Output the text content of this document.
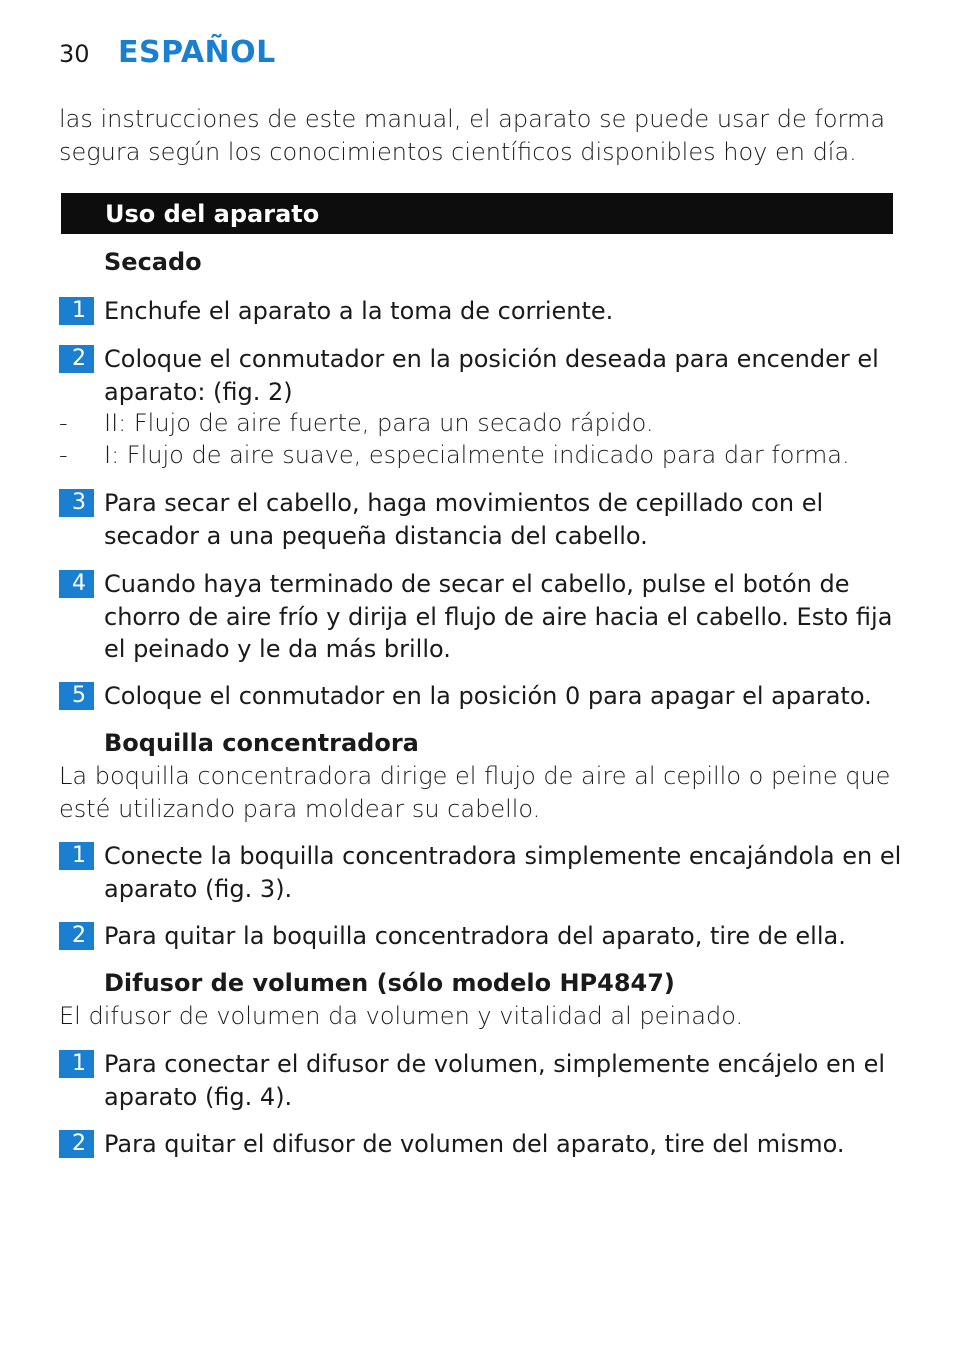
30 ESPAÑOL
las instrucciones de este manual, el aparato se puede usar de forma segura según los conocimientos científicos disponibles hoy en día.
Uso del aparato
Secado
1 Enchufe el aparato a la toma de corriente.
2 Coloque el conmutador en la posición deseada para encender el aparato: (fig. 2)
- II: Flujo de aire fuerte, para un secado rápido.
- I: Flujo de aire suave, especialmente indicado para dar forma.
3 Para secar el cabello, haga movimientos de cepillado con el secador a una pequeña distancia del cabello.
4 Cuando haya terminado de secar el cabello, pulse el botón de chorro de aire frío y dirija el flujo de aire hacia el cabello. Esto fija el peinado y le da más brillo.
5 Coloque el conmutador en la posición 0 para apagar el aparato.
Boquilla concentradora
La boquilla concentradora dirige el flujo de aire al cepillo o peine que esté utilizando para moldear su cabello.
1 Conecte la boquilla concentradora simplemente encajándola en el aparato (fig. 3).
2 Para quitar la boquilla concentradora del aparato, tire de ella.
Difusor de volumen (sólo modelo HP4847)
El difusor de volumen da volumen y vitalidad al peinado.
1 Para conectar el difusor de volumen, simplemente encájelo en el aparato (fig. 4).
2 Para quitar el difusor de volumen del aparato, tire del mismo.
